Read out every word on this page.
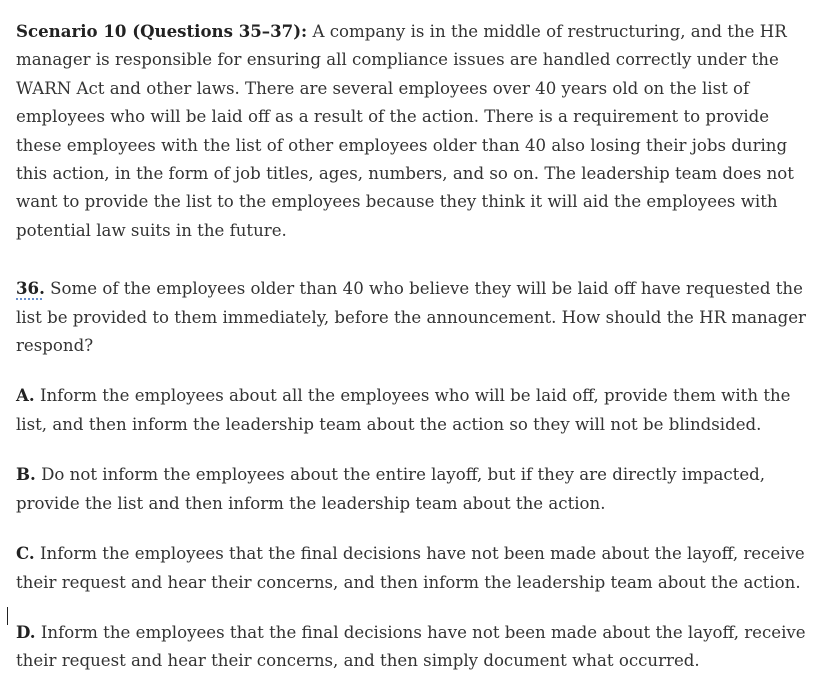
Scenario 10 (Questions 35–37): A company is in the middle of restructuring, and the HR manager is responsible for ensuring all compliance issues are handled correctly under the WARN Act and other laws. There are several employees over 40 years old on the list of employees who will be laid off as a result of the action. There is a requirement to provide these employees with the list of other employees older than 40 also losing their jobs during this action, in the form of job titles, ages, numbers, and so on. The leadership team does not want to provide the list to the employees because they think it will aid the employees with potential law suits in the future.

36. Some of the employees older than 40 who believe they will be laid off have requested the list be provided to them immediately, before the announcement. How should the HR manager respond?

A. Inform the employees about all the employees who will be laid off, provide them with the list, and then inform the leadership team about the action so they will not be blindsided.

B. Do not inform the employees about the entire layoff, but if they are directly impacted, provide the list and then inform the leadership team about the action.

C. Inform the employees that the final decisions have not been made about the layoff, receive their request and hear their concerns, and then inform the leadership team about the action.

D. Inform the employees that the final decisions have not been made about the layoff, receive their request and hear their concerns, and then simply document what occurred.
